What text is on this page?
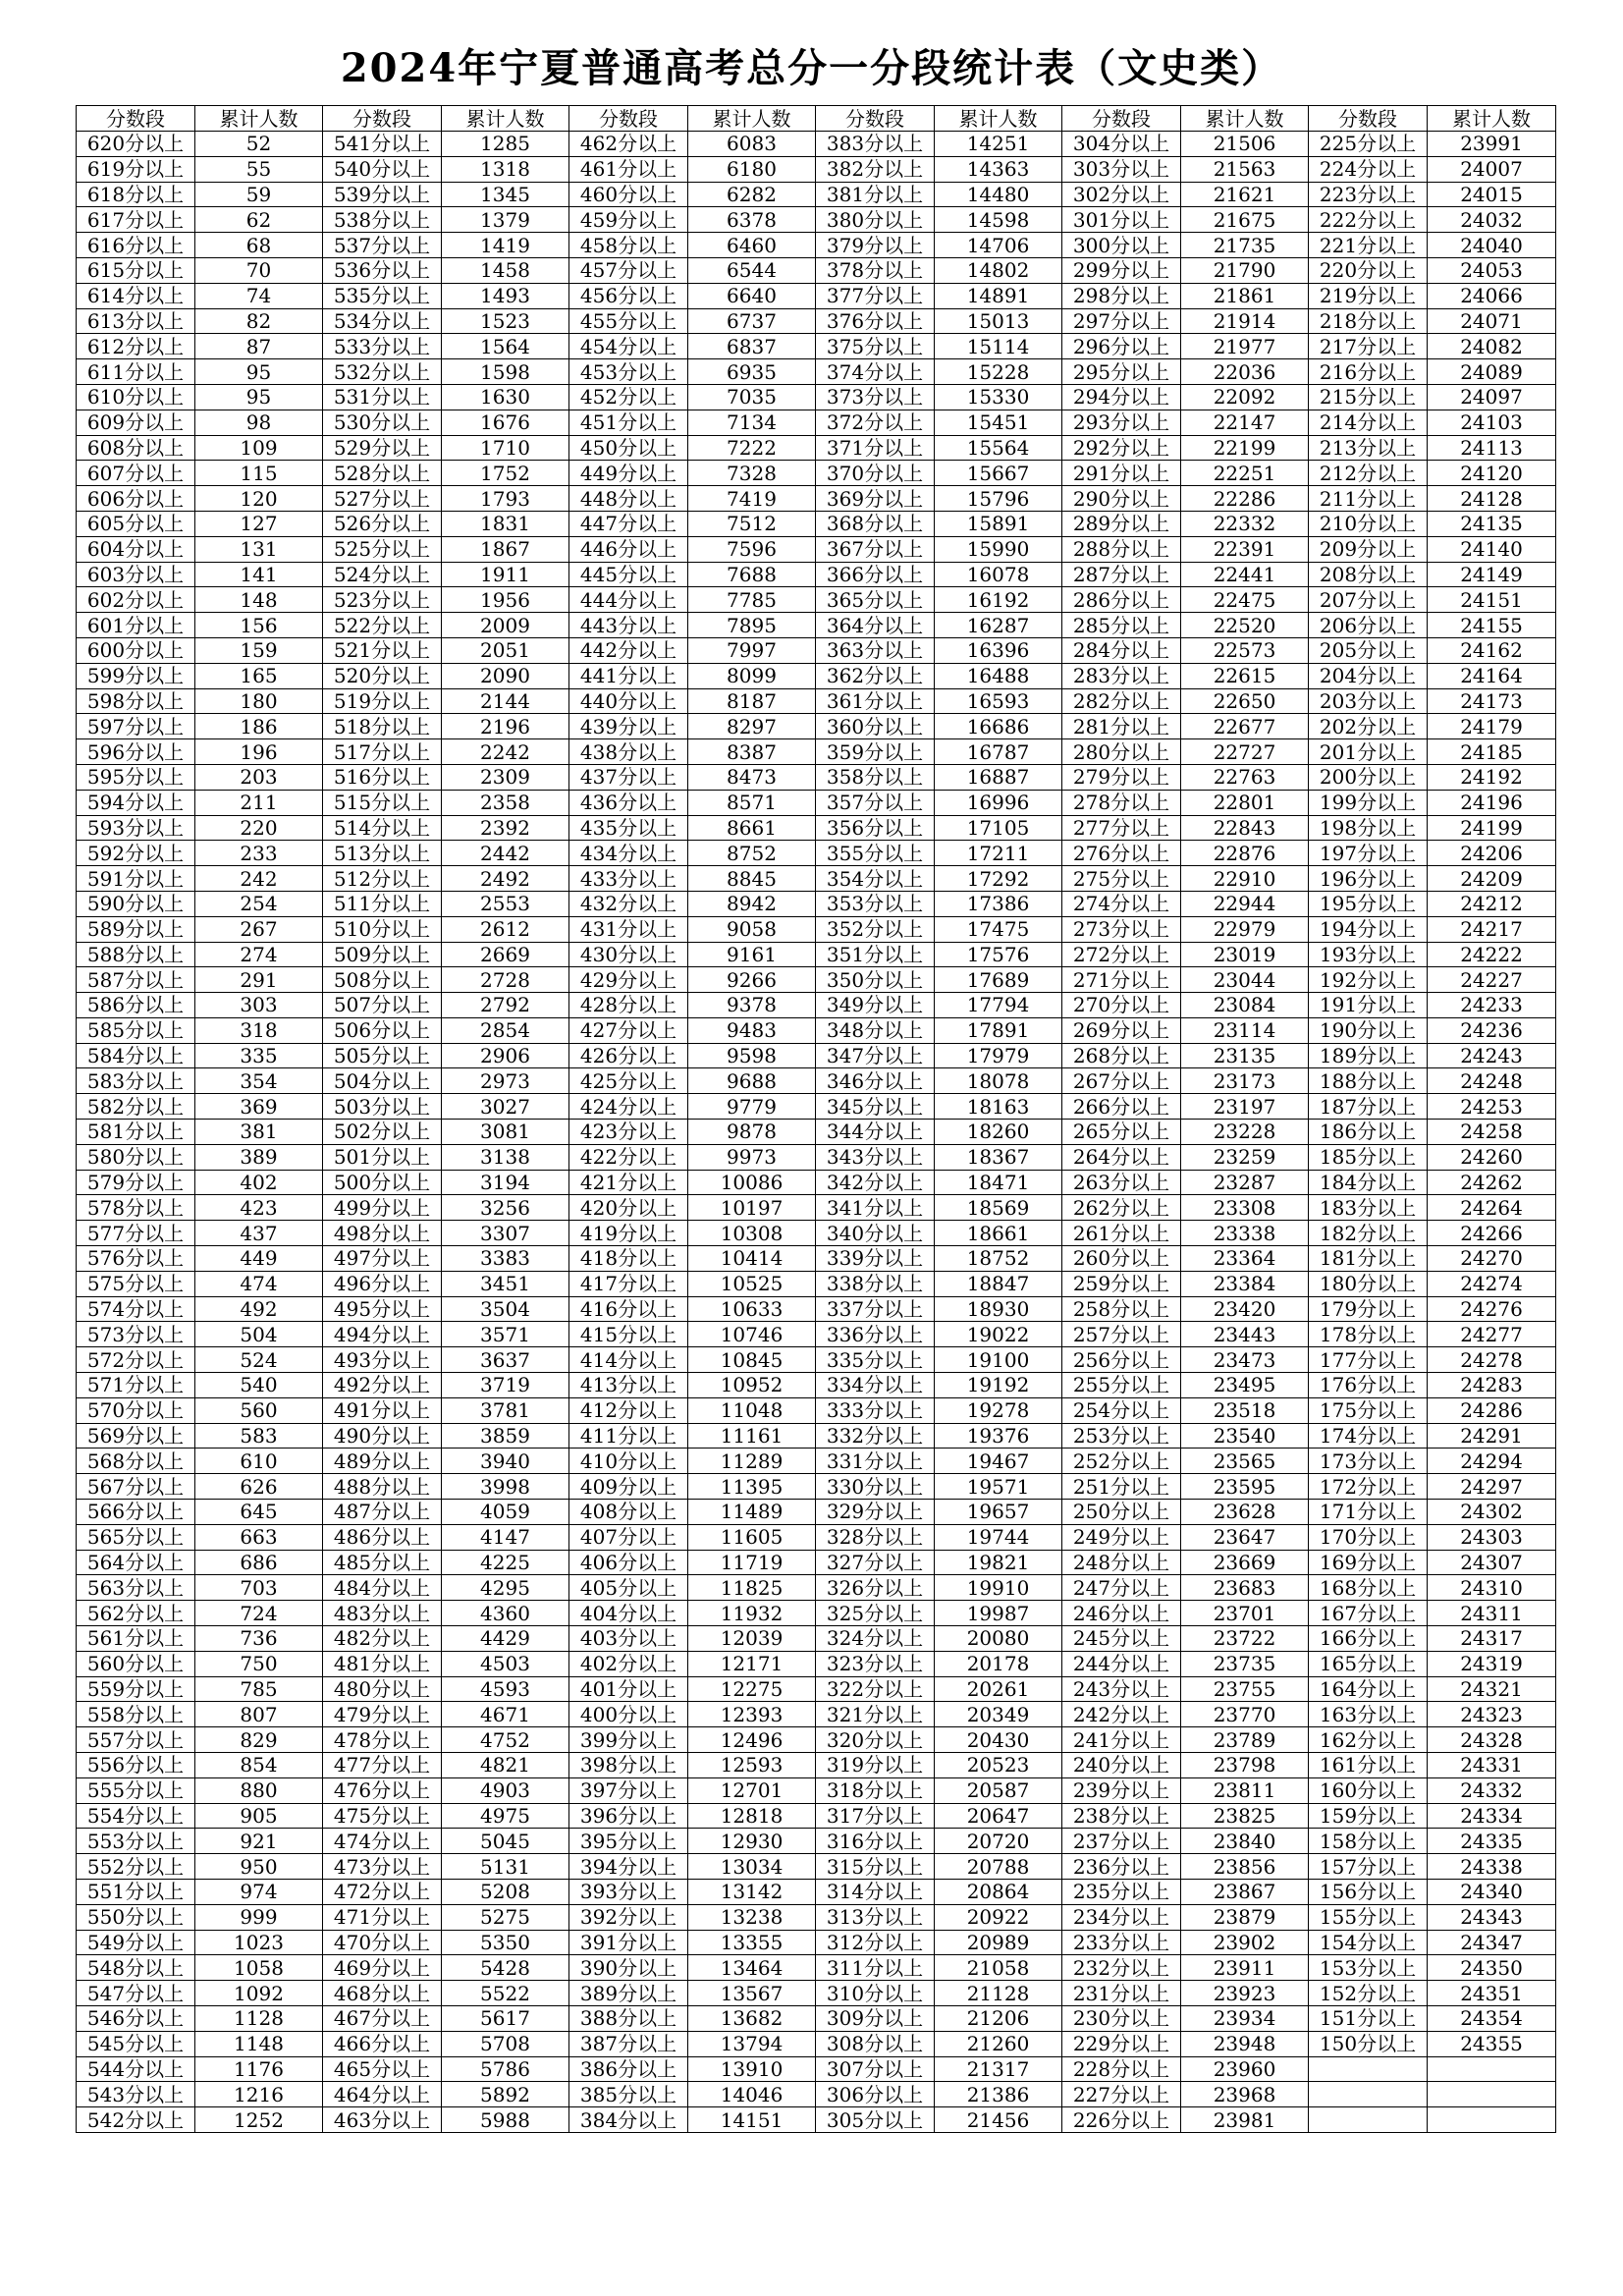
2024年宁夏普通高考总分一分段统计表（文史类）
分数段	累计人数	分数段	累计人数	分数段	累计人数	分数段	累计人数	分数段	累计人数	分数段	累计人数
620分以上	52	541分以上	1285	462分以上	6083	383分以上	14251	304分以上	21506	225分以上	23991
619分以上	55	540分以上	1318	461分以上	6180	382分以上	14363	303分以上	21563	224分以上	24007
618分以上	59	539分以上	1345	460分以上	6282	381分以上	14480	302分以上	21621	223分以上	24015
617分以上	62	538分以上	1379	459分以上	6378	380分以上	14598	301分以上	21675	222分以上	24032
616分以上	68	537分以上	1419	458分以上	6460	379分以上	14706	300分以上	21735	221分以上	24040
615分以上	70	536分以上	1458	457分以上	6544	378分以上	14802	299分以上	21790	220分以上	24053
614分以上	74	535分以上	1493	456分以上	6640	377分以上	14891	298分以上	21861	219分以上	24066
613分以上	82	534分以上	1523	455分以上	6737	376分以上	15013	297分以上	21914	218分以上	24071
612分以上	87	533分以上	1564	454分以上	6837	375分以上	15114	296分以上	21977	217分以上	24082
611分以上	95	532分以上	1598	453分以上	6935	374分以上	15228	295分以上	22036	216分以上	24089
610分以上	95	531分以上	1630	452分以上	7035	373分以上	15330	294分以上	22092	215分以上	24097
609分以上	98	530分以上	1676	451分以上	7134	372分以上	15451	293分以上	22147	214分以上	24103
608分以上	109	529分以上	1710	450分以上	7222	371分以上	15564	292分以上	22199	213分以上	24113
607分以上	115	528分以上	1752	449分以上	7328	370分以上	15667	291分以上	22251	212分以上	24120
606分以上	120	527分以上	1793	448分以上	7419	369分以上	15796	290分以上	22286	211分以上	24128
605分以上	127	526分以上	1831	447分以上	7512	368分以上	15891	289分以上	22332	210分以上	24135
604分以上	131	525分以上	1867	446分以上	7596	367分以上	15990	288分以上	22391	209分以上	24140
603分以上	141	524分以上	1911	445分以上	7688	366分以上	16078	287分以上	22441	208分以上	24149
602分以上	148	523分以上	1956	444分以上	7785	365分以上	16192	286分以上	22475	207分以上	24151
601分以上	156	522分以上	2009	443分以上	7895	364分以上	16287	285分以上	22520	206分以上	24155
600分以上	159	521分以上	2051	442分以上	7997	363分以上	16396	284分以上	22573	205分以上	24162
599分以上	165	520分以上	2090	441分以上	8099	362分以上	16488	283分以上	22615	204分以上	24164
598分以上	180	519分以上	2144	440分以上	8187	361分以上	16593	282分以上	22650	203分以上	24173
597分以上	186	518分以上	2196	439分以上	8297	360分以上	16686	281分以上	22677	202分以上	24179
596分以上	196	517分以上	2242	438分以上	8387	359分以上	16787	280分以上	22727	201分以上	24185
595分以上	203	516分以上	2309	437分以上	8473	358分以上	16887	279分以上	22763	200分以上	24192
594分以上	211	515分以上	2358	436分以上	8571	357分以上	16996	278分以上	22801	199分以上	24196
593分以上	220	514分以上	2392	435分以上	8661	356分以上	17105	277分以上	22843	198分以上	24199
592分以上	233	513分以上	2442	434分以上	8752	355分以上	17211	276分以上	22876	197分以上	24206
591分以上	242	512分以上	2492	433分以上	8845	354分以上	17292	275分以上	22910	196分以上	24209
590分以上	254	511分以上	2553	432分以上	8942	353分以上	17386	274分以上	22944	195分以上	24212
589分以上	267	510分以上	2612	431分以上	9058	352分以上	17475	273分以上	22979	194分以上	24217
588分以上	274	509分以上	2669	430分以上	9161	351分以上	17576	272分以上	23019	193分以上	24222
587分以上	291	508分以上	2728	429分以上	9266	350分以上	17689	271分以上	23044	192分以上	24227
586分以上	303	507分以上	2792	428分以上	9378	349分以上	17794	270分以上	23084	191分以上	24233
585分以上	318	506分以上	2854	427分以上	9483	348分以上	17891	269分以上	23114	190分以上	24236
584分以上	335	505分以上	2906	426分以上	9598	347分以上	17979	268分以上	23135	189分以上	24243
583分以上	354	504分以上	2973	425分以上	9688	346分以上	18078	267分以上	23173	188分以上	24248
582分以上	369	503分以上	3027	424分以上	9779	345分以上	18163	266分以上	23197	187分以上	24253
581分以上	381	502分以上	3081	423分以上	9878	344分以上	18260	265分以上	23228	186分以上	24258
580分以上	389	501分以上	3138	422分以上	9973	343分以上	18367	264分以上	23259	185分以上	24260
579分以上	402	500分以上	3194	421分以上	10086	342分以上	18471	263分以上	23287	184分以上	24262
578分以上	423	499分以上	3256	420分以上	10197	341分以上	18569	262分以上	23308	183分以上	24264
577分以上	437	498分以上	3307	419分以上	10308	340分以上	18661	261分以上	23338	182分以上	24266
576分以上	449	497分以上	3383	418分以上	10414	339分以上	18752	260分以上	23364	181分以上	24270
575分以上	474	496分以上	3451	417分以上	10525	338分以上	18847	259分以上	23384	180分以上	24274
574分以上	492	495分以上	3504	416分以上	10633	337分以上	18930	258分以上	23420	179分以上	24276
573分以上	504	494分以上	3571	415分以上	10746	336分以上	19022	257分以上	23443	178分以上	24277
572分以上	524	493分以上	3637	414分以上	10845	335分以上	19100	256分以上	23473	177分以上	24278
571分以上	540	492分以上	3719	413分以上	10952	334分以上	19192	255分以上	23495	176分以上	24283
570分以上	560	491分以上	3781	412分以上	11048	333分以上	19278	254分以上	23518	175分以上	24286
569分以上	583	490分以上	3859	411分以上	11161	332分以上	19376	253分以上	23540	174分以上	24291
568分以上	610	489分以上	3940	410分以上	11289	331分以上	19467	252分以上	23565	173分以上	24294
567分以上	626	488分以上	3998	409分以上	11395	330分以上	19571	251分以上	23595	172分以上	24297
566分以上	645	487分以上	4059	408分以上	11489	329分以上	19657	250分以上	23628	171分以上	24302
565分以上	663	486分以上	4147	407分以上	11605	328分以上	19744	249分以上	23647	170分以上	24303
564分以上	686	485分以上	4225	406分以上	11719	327分以上	19821	248分以上	23669	169分以上	24307
563分以上	703	484分以上	4295	405分以上	11825	326分以上	19910	247分以上	23683	168分以上	24310
562分以上	724	483分以上	4360	404分以上	11932	325分以上	19987	246分以上	23701	167分以上	24311
561分以上	736	482分以上	4429	403分以上	12039	324分以上	20080	245分以上	23722	166分以上	24317
560分以上	750	481分以上	4503	402分以上	12171	323分以上	20178	244分以上	23735	165分以上	24319
559分以上	785	480分以上	4593	401分以上	12275	322分以上	20261	243分以上	23755	164分以上	24321
558分以上	807	479分以上	4671	400分以上	12393	321分以上	20349	242分以上	23770	163分以上	24323
557分以上	829	478分以上	4752	399分以上	12496	320分以上	20430	241分以上	23789	162分以上	24328
556分以上	854	477分以上	4821	398分以上	12593	319分以上	20523	240分以上	23798	161分以上	24331
555分以上	880	476分以上	4903	397分以上	12701	318分以上	20587	239分以上	23811	160分以上	24332
554分以上	905	475分以上	4975	396分以上	12818	317分以上	20647	238分以上	23825	159分以上	24334
553分以上	921	474分以上	5045	395分以上	12930	316分以上	20720	237分以上	23840	158分以上	24335
552分以上	950	473分以上	5131	394分以上	13034	315分以上	20788	236分以上	23856	157分以上	24338
551分以上	974	472分以上	5208	393分以上	13142	314分以上	20864	235分以上	23867	156分以上	24340
550分以上	999	471分以上	5275	392分以上	13238	313分以上	20922	234分以上	23879	155分以上	24343
549分以上	1023	470分以上	5350	391分以上	13355	312分以上	20989	233分以上	23902	154分以上	24347
548分以上	1058	469分以上	5428	390分以上	13464	311分以上	21058	232分以上	23911	153分以上	24350
547分以上	1092	468分以上	5522	389分以上	13567	310分以上	21128	231分以上	23923	152分以上	24351
546分以上	1128	467分以上	5617	388分以上	13682	309分以上	21206	230分以上	23934	151分以上	24354
545分以上	1148	466分以上	5708	387分以上	13794	308分以上	21260	229分以上	23948	150分以上	24355
544分以上	1176	465分以上	5786	386分以上	13910	307分以上	21317	228分以上	23960		
543分以上	1216	464分以上	5892	385分以上	14046	306分以上	21386	227分以上	23968		
542分以上	1252	463分以上	5988	384分以上	14151	305分以上	21456	226分以上	23981		
